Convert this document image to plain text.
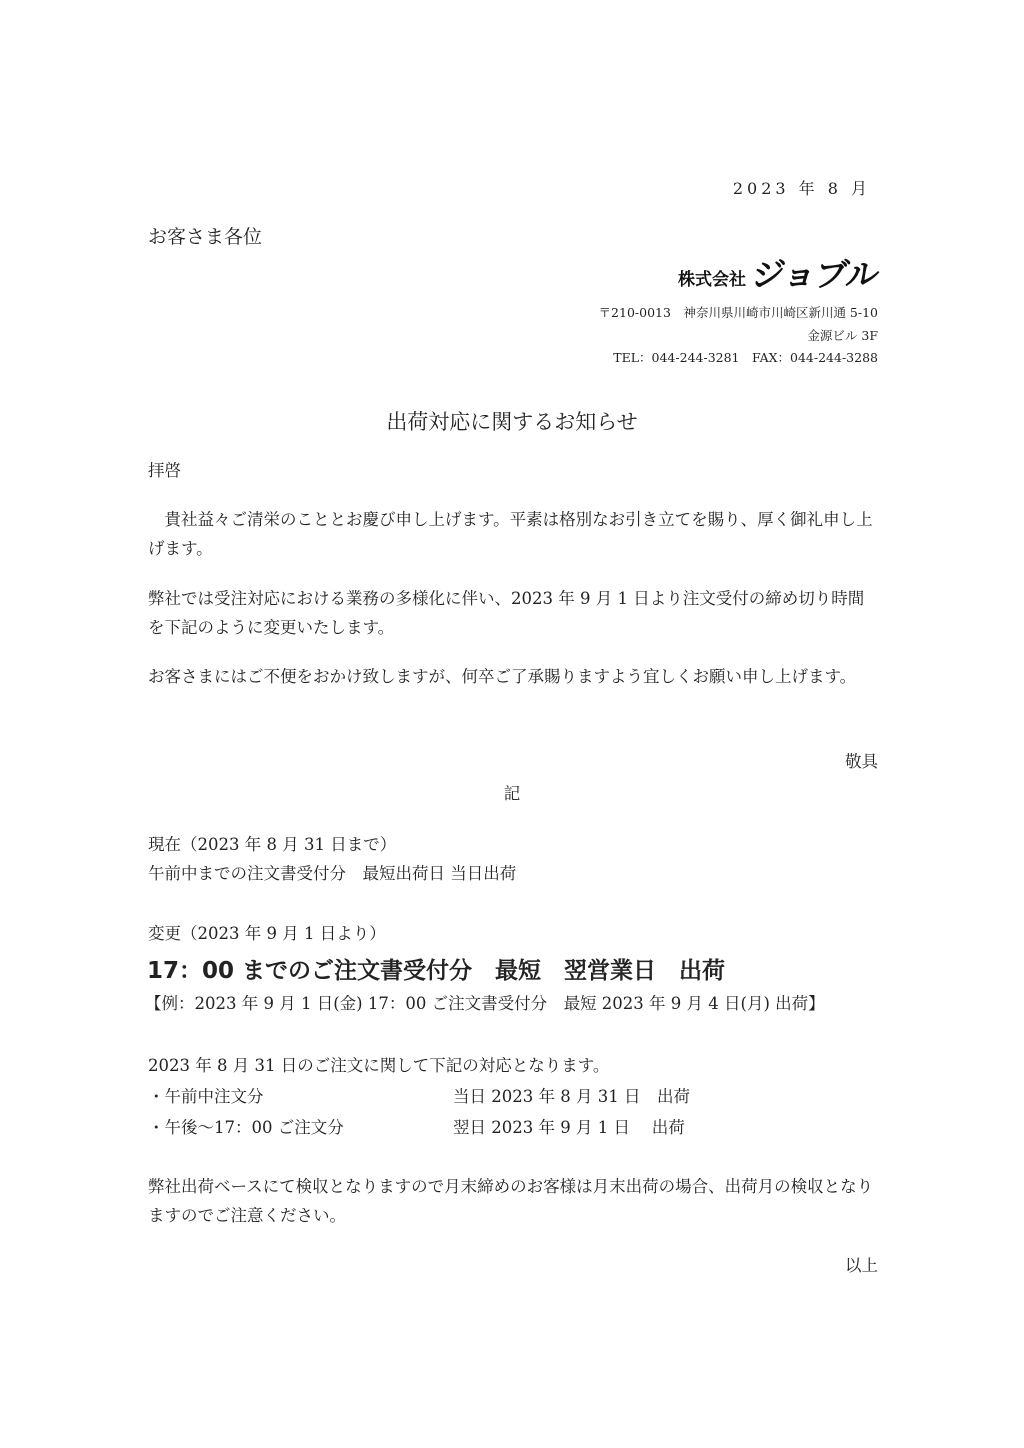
2023 年 8 月
お客さま各位
株式会社 ジョブル
〒210-0013　神奈川県川崎市川崎区新川通 5-10
金源ビル 3F
TEL：044-244-3281　FAX：044-244-3288
出荷対応に関するお知らせ
拝啓
　貴社益々ご清栄のこととお慶び申し上げます。平素は格別なお引き立てを賜り、厚く御礼申し上げます。
弊社では受注対応における業務の多様化に伴い、2023 年 9 月 1 日より注文受付の締め切り時間を下記のように変更いたします。
お客さまにはご不便をおかけ致しますが、何卒ご了承賜りますよう宜しくお願い申し上げます。
敬具
記
現在（2023 年 8 月 31 日まで）
午前中までの注文書受付分　最短出荷日 当日出荷
変更（2023 年 9 月 1 日より）
17：00 までのご注文書受付分　最短　翌営業日　出荷
【例：2023 年 9 月 1 日(金) 17：00 ご注文書受付分　最短 2023 年 9 月 4 日(月) 出荷】
2023 年 8 月 31 日のご注文に関して下記の対応となります。
・午前中注文分	当日 2023 年 8 月 31 日　出荷
・午後〜17：00 ご注文分	翌日 2023 年 9 月 1 日　 出荷
弊社出荷ベースにて検収となりますので月末締めのお客様は月末出荷の場合、出荷月の検収となりますのでご注意ください。
以上
